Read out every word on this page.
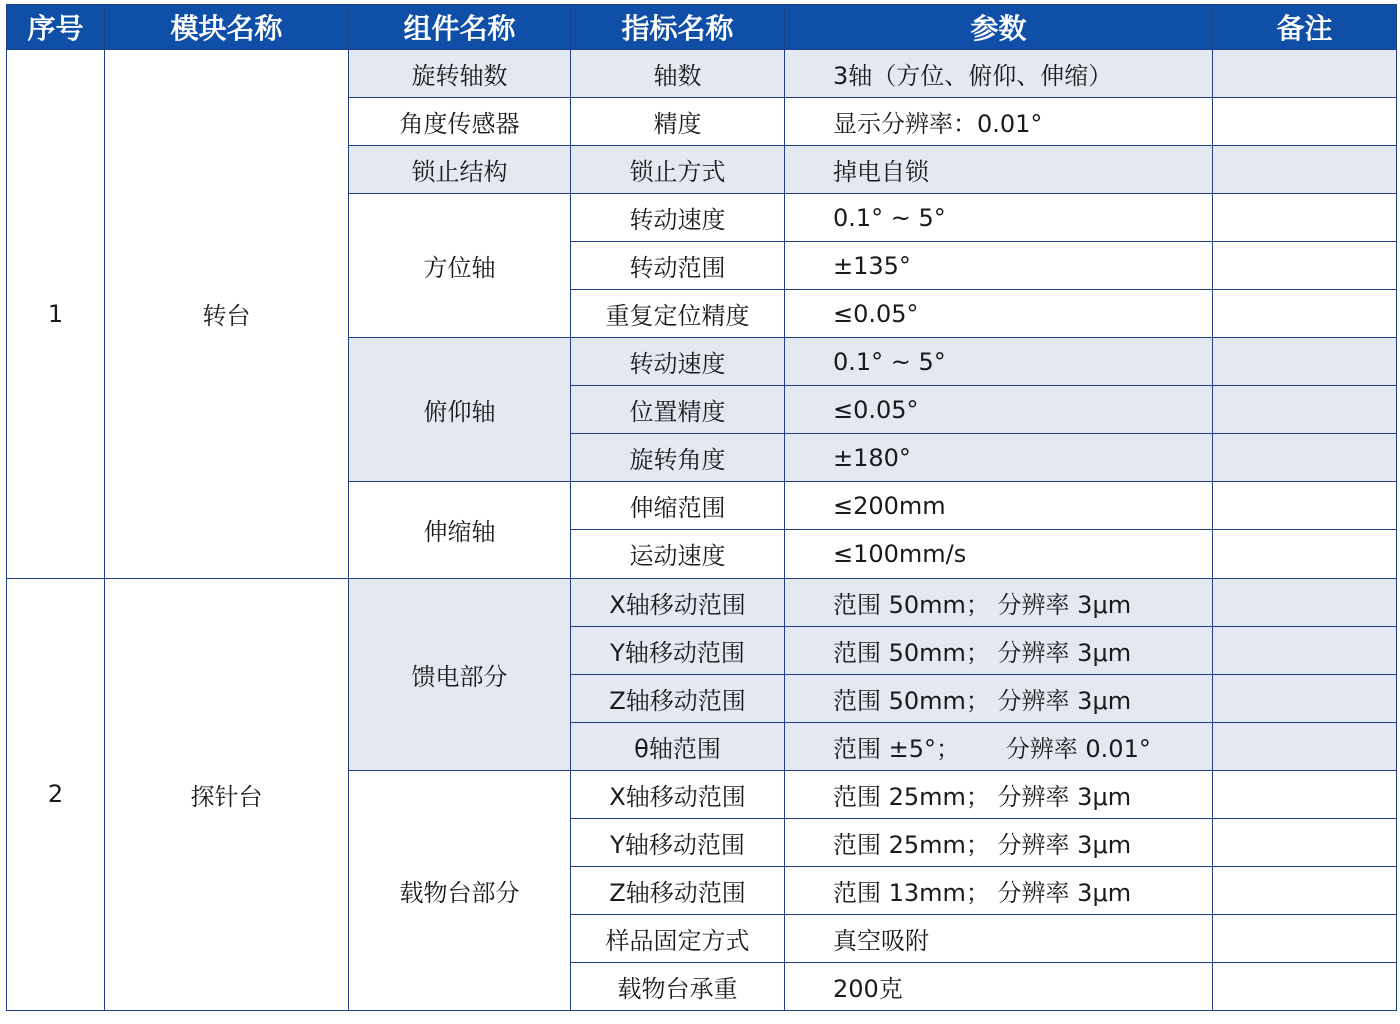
序号	模块名称	组件名称	指标名称	参数	备注
1	转台	旋转轴数	轴数	3轴（方位、俯仰、伸缩）	
		角度传感器	精度	显示分辨率：0.01°	
		锁止结构	锁止方式	掉电自锁	
		方位轴	转动速度	0.1° ~ 5°	
			转动范围	±135°	
			重复定位精度	≤0.05°	
		俯仰轴	转动速度	0.1° ~ 5°	
			位置精度	≤0.05°	
			旋转角度	±180°	
		伸缩轴	伸缩范围	≤200mm	
			运动速度	≤100mm/s	
2	探针台	馈电部分	X轴移动范围	范围 50mm； 分辨率 3μm	
			Y轴移动范围	范围 50mm； 分辨率 3μm	
			Z轴移动范围	范围 50mm； 分辨率 3μm	
			θ轴范围	范围 ±5°；      分辨率 0.01°	
		载物台部分	X轴移动范围	范围 25mm； 分辨率 3μm	
			Y轴移动范围	范围 25mm； 分辨率 3μm	
			Z轴移动范围	范围 13mm； 分辨率 3μm	
			样品固定方式	真空吸附	
			载物台承重	200克	
